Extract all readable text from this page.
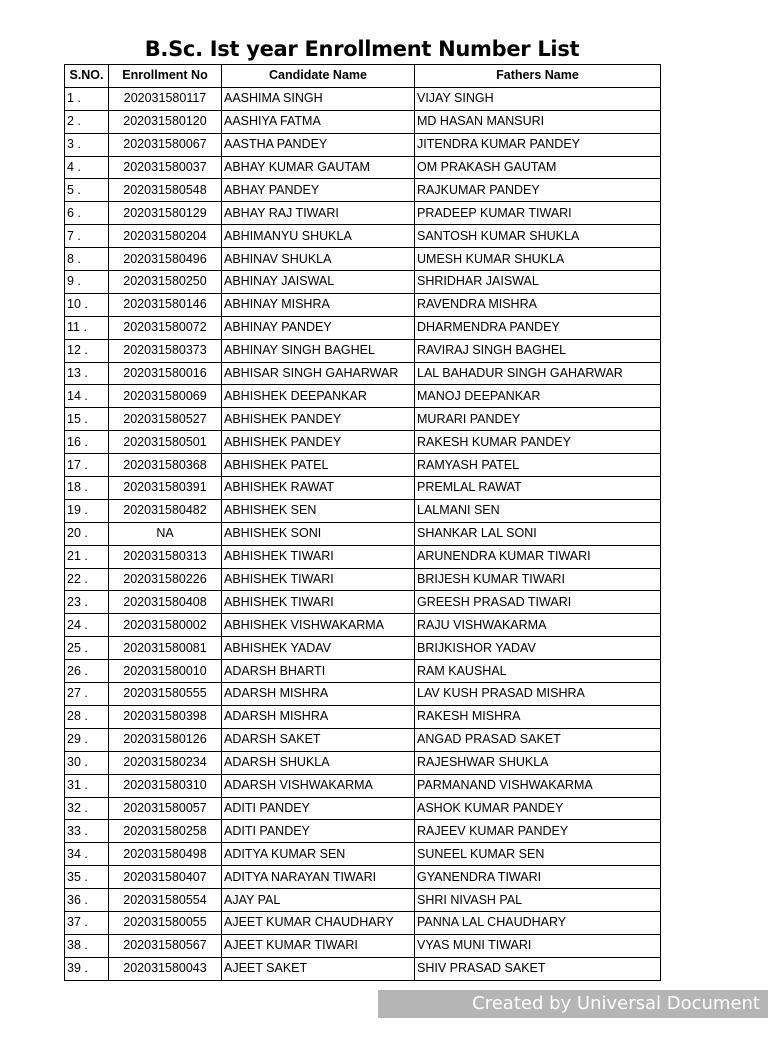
B.Sc. Ist year Enrollment Number List
S.NO.	Enrollment No	Candidate Name	Fathers Name
1 .	202031580117	AASHIMA SINGH	VIJAY SINGH
2 .	202031580120	AASHIYA FATMA	MD HASAN MANSURI
3 .	202031580067	AASTHA PANDEY	JITENDRA KUMAR PANDEY
4 .	202031580037	ABHAY KUMAR GAUTAM	OM PRAKASH GAUTAM
5 .	202031580548	ABHAY PANDEY	RAJKUMAR PANDEY
6 .	202031580129	ABHAY RAJ TIWARI	PRADEEP KUMAR TIWARI
7 .	202031580204	ABHIMANYU SHUKLA	SANTOSH KUMAR SHUKLA
8 .	202031580496	ABHINAV SHUKLA	UMESH KUMAR SHUKLA
9 .	202031580250	ABHINAY JAISWAL	SHRIDHAR JAISWAL
10 .	202031580146	ABHINAY MISHRA	RAVENDRA MISHRA
11 .	202031580072	ABHINAY PANDEY	DHARMENDRA PANDEY
12 .	202031580373	ABHINAY SINGH BAGHEL	RAVIRAJ SINGH BAGHEL
13 .	202031580016	ABHISAR SINGH GAHARWAR	LAL BAHADUR SINGH GAHARWAR
14 .	202031580069	ABHISHEK DEEPANKAR	MANOJ DEEPANKAR
15 .	202031580527	ABHISHEK PANDEY	MURARI PANDEY
16 .	202031580501	ABHISHEK PANDEY	RAKESH KUMAR PANDEY
17 .	202031580368	ABHISHEK PATEL	RAMYASH PATEL
18 .	202031580391	ABHISHEK RAWAT	PREMLAL RAWAT
19 .	202031580482	ABHISHEK SEN	LALMANI SEN
20 .	NA	ABHISHEK SONI	SHANKAR LAL SONI
21 .	202031580313	ABHISHEK TIWARI	ARUNENDRA KUMAR TIWARI
22 .	202031580226	ABHISHEK TIWARI	BRIJESH KUMAR TIWARI
23 .	202031580408	ABHISHEK TIWARI	GREESH PRASAD TIWARI
24 .	202031580002	ABHISHEK VISHWAKARMA	RAJU VISHWAKARMA
25 .	202031580081	ABHISHEK YADAV	BRIJKISHOR YADAV
26 .	202031580010	ADARSH BHARTI	RAM KAUSHAL
27 .	202031580555	ADARSH MISHRA	LAV KUSH PRASAD MISHRA
28 .	202031580398	ADARSH MISHRA	RAKESH MISHRA
29 .	202031580126	ADARSH SAKET	ANGAD PRASAD SAKET
30 .	202031580234	ADARSH SHUKLA	RAJESHWAR SHUKLA
31 .	202031580310	ADARSH VISHWAKARMA	PARMANAND VISHWAKARMA
32 .	202031580057	ADITI PANDEY	ASHOK KUMAR PANDEY
33 .	202031580258	ADITI PANDEY	RAJEEV KUMAR PANDEY
34 .	202031580498	ADITYA KUMAR SEN	SUNEEL KUMAR SEN
35 .	202031580407	ADITYA NARAYAN TIWARI	GYANENDRA TIWARI
36 .	202031580554	AJAY PAL	SHRI NIVASH PAL
37 .	202031580055	AJEET KUMAR CHAUDHARY	PANNA LAL CHAUDHARY
38 .	202031580567	AJEET KUMAR TIWARI	VYAS MUNI TIWARI
39 .	202031580043	AJEET SAKET	SHIV PRASAD SAKET
Created by Universal Document Converter
